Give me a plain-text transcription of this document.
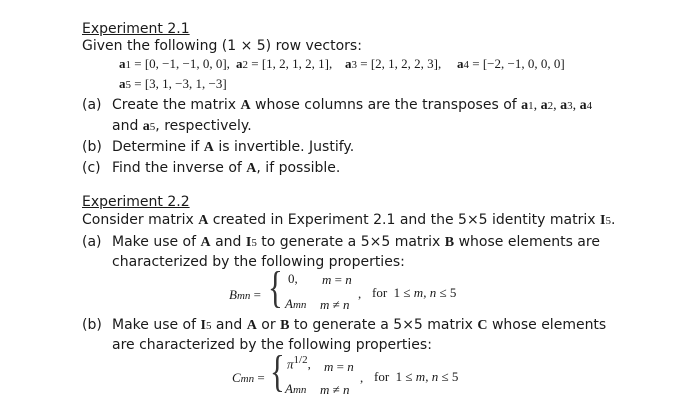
Experiment 2.1
Given the following (1 × 5) row vectors:
a1 = [0, −1, −1, 0, 0], a2 = [1, 2, 1, 2, 1], a3 = [2, 1, 2, 2, 3], a4 = [−2, −1, 0, 0, 0]
a5 = [3, 1, −3, 1, −3]
(a) Create the matrix A whose columns are the transposes of a1, a2, a3, a4
and a5, respectively.
(b) Determine if A is invertible. Justify.
(c) Find the inverse of A, if possible.
Experiment 2.2
Consider matrix A created in Experiment 2.1 and the 5×5 identity matrix I5.
(a) Make use of A and I5 to generate a 5×5 matrix B whose elements are
characterized by the following properties:
Bmn = { 0, m = n
Amn m ≠ n
, for  1 ≤ m, n ≤ 5
(b) Make use of I5 and A or B to generate a 5×5 matrix C whose elements
are characterized by the following properties:
Cmn = { $\pi^{1/2}$, m = n
Amn m ≠ n
, for  1 ≤ m, n ≤ 5
